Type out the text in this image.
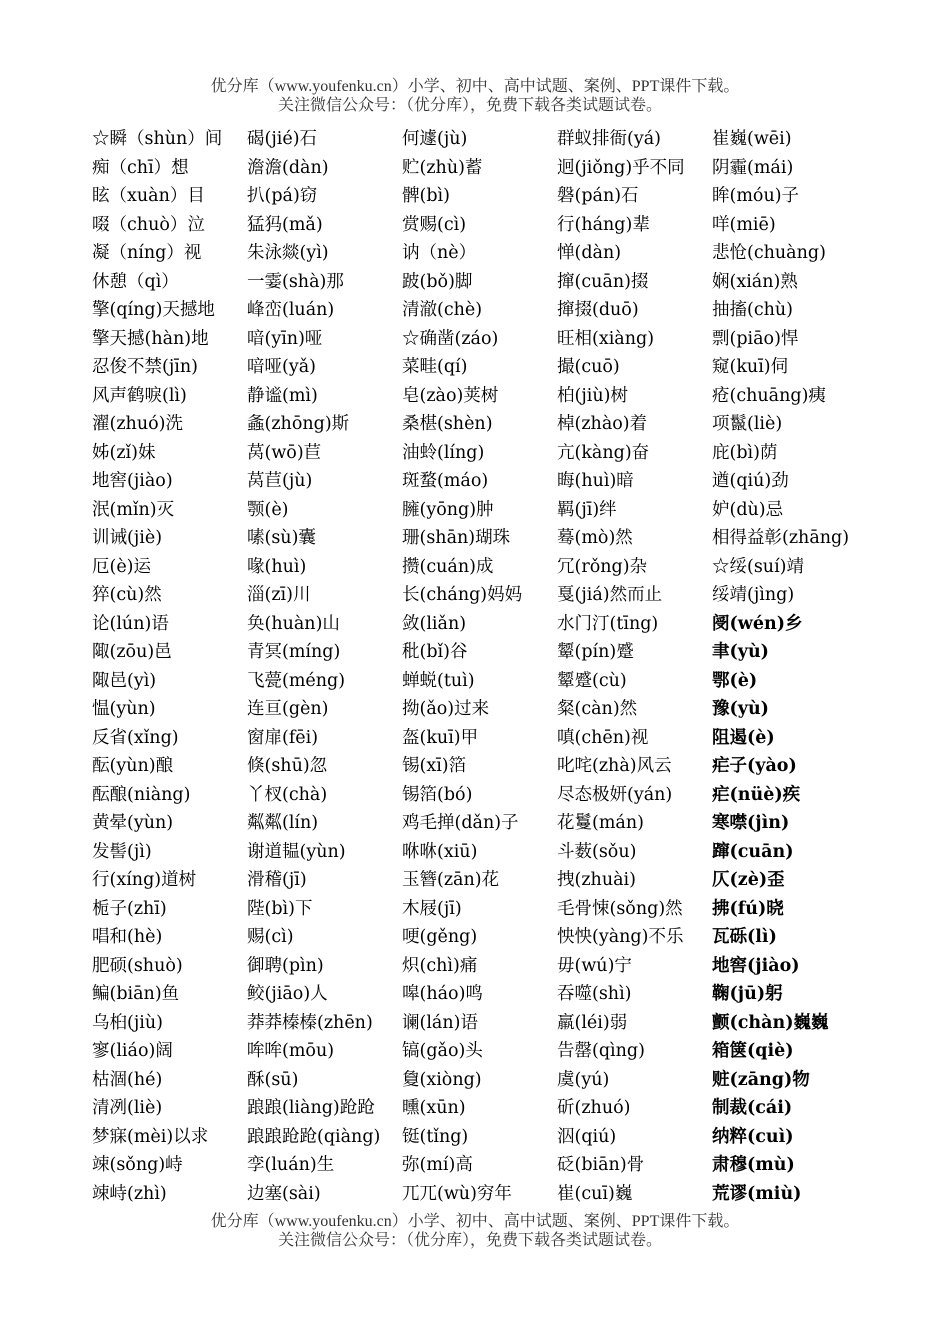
优分库（www.youfenku.cn）小学、初中、高中试题、案例、PPT课件下载。
关注微信公众号：（优分库），免费下载各类试题试卷。
☆瞬（shùn）间	碣(jié)石	何遽(jù)	群蚁排衙(yá)	崔巍(wēi)
痴（chī）想	澹澹(dàn)	贮(zhù)蓄	迥(jiǒng)乎不同	阴霾(mái)
眩（xuàn）目	扒(pá)窃	髀(bì)	磐(pán)石	眸(móu)子
啜（chuò）泣	猛犸(mǎ)	赏赐(cì)	行(háng)辈	咩(miē)
凝（níng）视	朱泳燚(yì)	讷（nè）	惮(dàn)	悲怆(chuàng)
休憩（qì）	一霎(shà)那	跛(bǒ)脚	撺(cuān)掇	娴(xián)熟
擎(qíng)天撼地	峰峦(luán)	清澈(chè)	撺掇(duō)	抽搐(chù)
擎天撼(hàn)地	喑(yīn)哑	☆确凿(záo)	旺相(xiàng)	剽(piāo)悍
忍俊不禁(jīn)	喑哑(yǎ)	菜畦(qí)	撮(cuō)	窥(kuī)伺
风声鹤唳(lì)	静谧(mì)	皂(zào)荚树	柏(jiù)树	疮(chuāng)痍
濯(zhuó)洗	螽(zhōng)斯	桑椹(shèn)	棹(zhào)着	项鬣(liè)
姊(zǐ)妹	莴(wō)苣	油蛉(líng)	亢(kàng)奋	庇(bì)荫
地窖(jiào)	莴苣(jù)	斑蝥(máo)	晦(huì)暗	遒(qiú)劲
泯(mǐn)灭	颚(è)	臃(yōng)肿	羁(jī)绊	妒(dù)忌
训诫(jiè)	嗉(sù)囊	珊(shān)瑚珠	蓦(mò)然	相得益彰(zhāng)
厄(è)运	喙(huì)	攒(cuán)成	冗(rǒng)杂	☆绥(suí)靖
猝(cù)然	淄(zī)川	长(cháng)妈妈	戛(jiá)然而止	绥靖(jìng)
论(lún)语	奂(huàn)山	敛(liǎn)	水门汀(tīng)	阌(wén)乡
陬(zōu)邑	青冥(míng)	秕(bǐ)谷	颦(pín)蹙	聿(yù)
陬邑(yì)	飞甍(méng)	蝉蜕(tuì)	颦蹙(cù)	鄂(è)
愠(yùn)	连亘(gèn)	拗(ǎo)过来	粲(càn)然	豫(yù)
反省(xǐng)	窗扉(fēi)	盔(kuī)甲	嗔(chēn)视	阻遏(è)
酝(yùn)酿	倏(shū)忽	锡(xī)箔	叱咤(zhà)风云	疟子(yào)
酝酿(niàng)	丫杈(chà)	锡箔(bó)	尽态极妍(yán)	疟(nüè)疾
黄晕(yùn)	粼粼(lín)	鸡毛掸(dǎn)子	花鬘(mán)	寒噤(jìn)
发髻(jì)	谢道韫(yùn)	咻咻(xiū)	斗薮(sǒu)	蹿(cuān)
行(xíng)道树	滑稽(jī)	玉簪(zān)花	拽(zhuài)	仄(zè)歪
栀子(zhī)	陛(bì)下	木屐(jī)	毛骨悚(sǒng)然	拂(fú)晓
唱和(hè)	赐(cì)	哽(gěng)	怏怏(yàng)不乐	瓦砾(lì)
肥硕(shuò)	御聘(pìn)	炽(chì)痛	毋(wú)宁	地窖(jiào)
鳊(biān)鱼	鲛(jiāo)人	嗥(háo)鸣	吞噬(shì)	鞠(jū)躬
乌桕(jiù)	莽莽榛榛(zhēn)	谰(lán)语	羸(léi)弱	颤(chàn)巍巍
寥(liáo)阔	哞哞(mōu)	镐(gǎo)头	告罄(qìng)	箱箧(qiè)
枯涸(hé)	酥(sū)	敻(xiòng)	虞(yú)	赃(zāng)物
清冽(liè)	踉踉(liàng)跄跄	曛(xūn)	斫(zhuó)	制裁(cái)
梦寐(mèi)以求	踉踉跄跄(qiàng)	铤(tǐng)	泅(qiú)	纳粹(cuì)
竦(sǒng)峙	孪(luán)生	弥(mí)高	砭(biān)骨	肃穆(mù)
竦峙(zhì)	边塞(sài)	兀兀(wù)穷年	崔(cuī)巍	荒谬(miù)
优分库（www.youfenku.cn）小学、初中、高中试题、案例、PPT课件下载。
关注微信公众号：（优分库），免费下载各类试题试卷。
